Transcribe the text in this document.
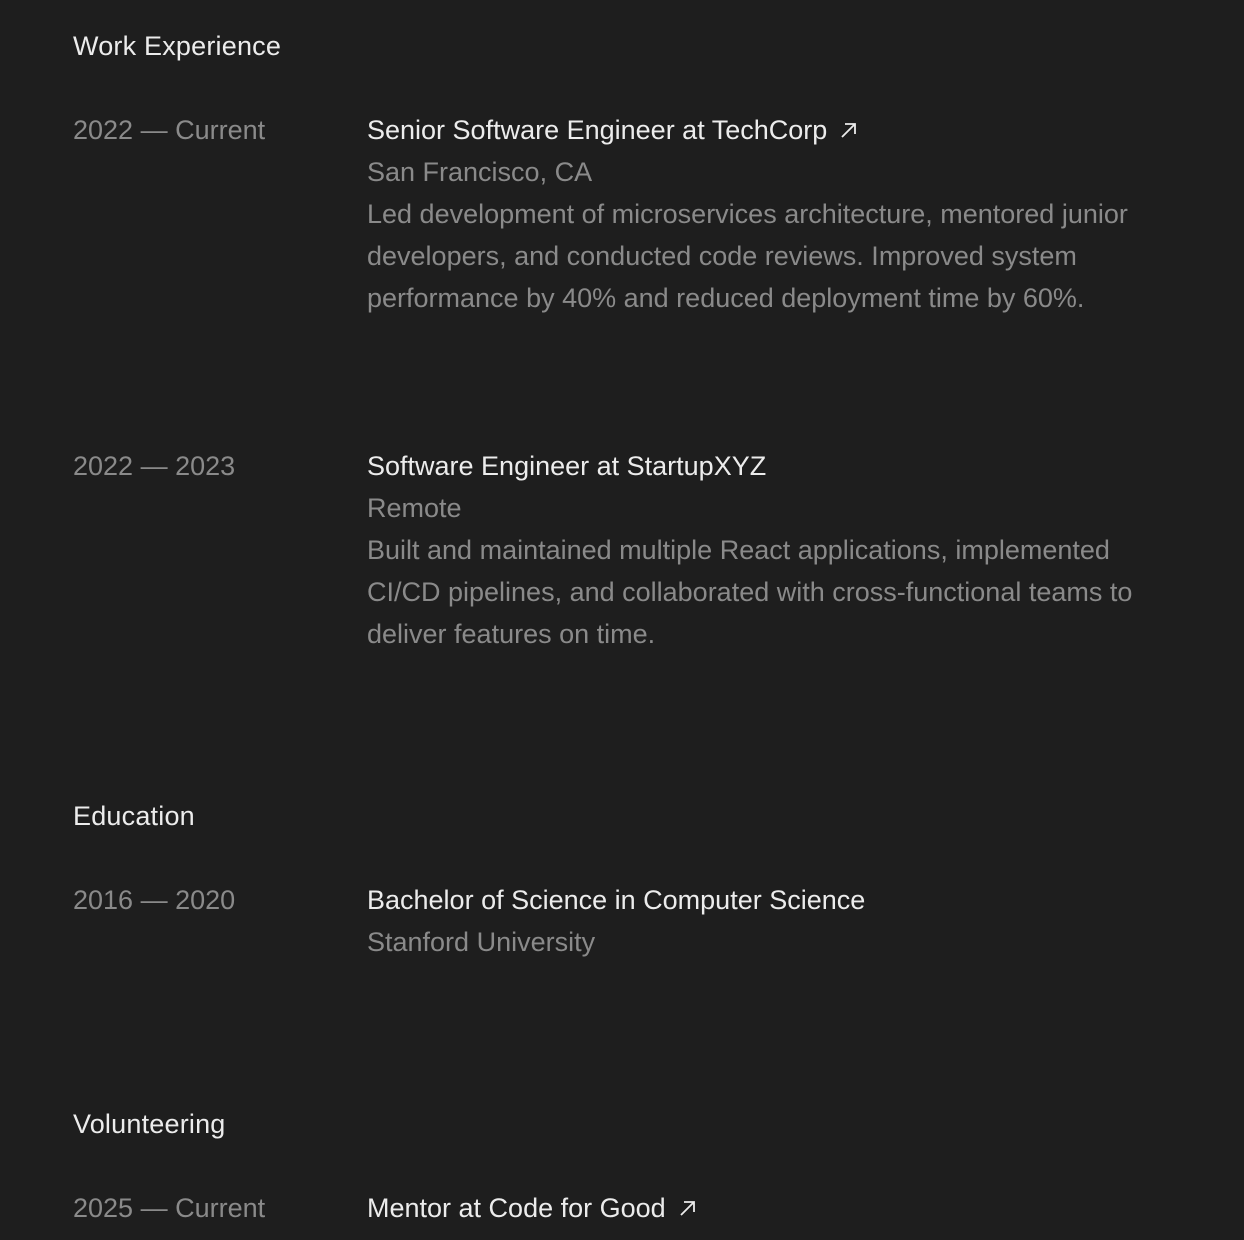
Work Experience
2022 — Current	Senior Software Engineer at TechCorp
San Francisco, CA
Led development of microservices architecture, mentored junior developers, and conducted code reviews. Improved system performance by 40% and reduced deployment time by 60%.
2022 — 2023	Software Engineer at StartupXYZ
Remote
Built and maintained multiple React applications, implemented CI/CD pipelines, and collaborated with cross-functional teams to deliver features on time.
Education
2016 — 2020	Bachelor of Science in Computer Science
Stanford University
Volunteering
2025 — Current	Mentor at Code for Good
